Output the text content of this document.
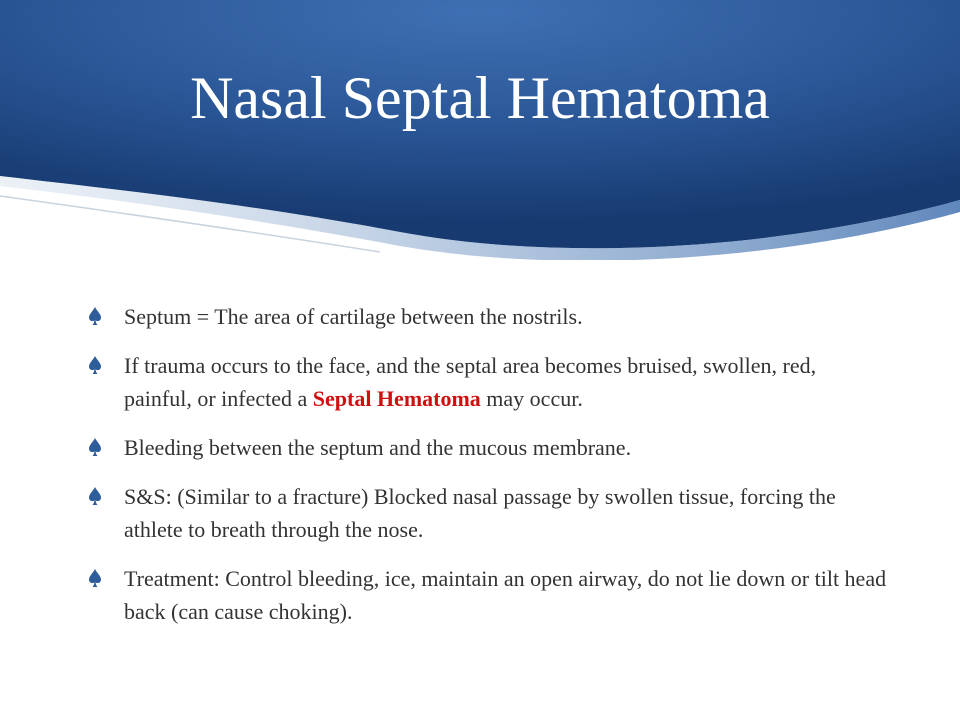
Nasal Septal Hematoma
Septum = The area of cartilage between the nostrils.
If trauma occurs to the face, and the septal area becomes bruised, swollen, red, painful, or infected a Septal Hematoma may occur.
Bleeding between the septum and the mucous membrane.
S&S: (Similar to a fracture) Blocked nasal passage by swollen tissue, forcing the athlete to breath through the nose.
Treatment: Control bleeding, ice, maintain an open airway, do not lie down or tilt head back (can cause choking).
